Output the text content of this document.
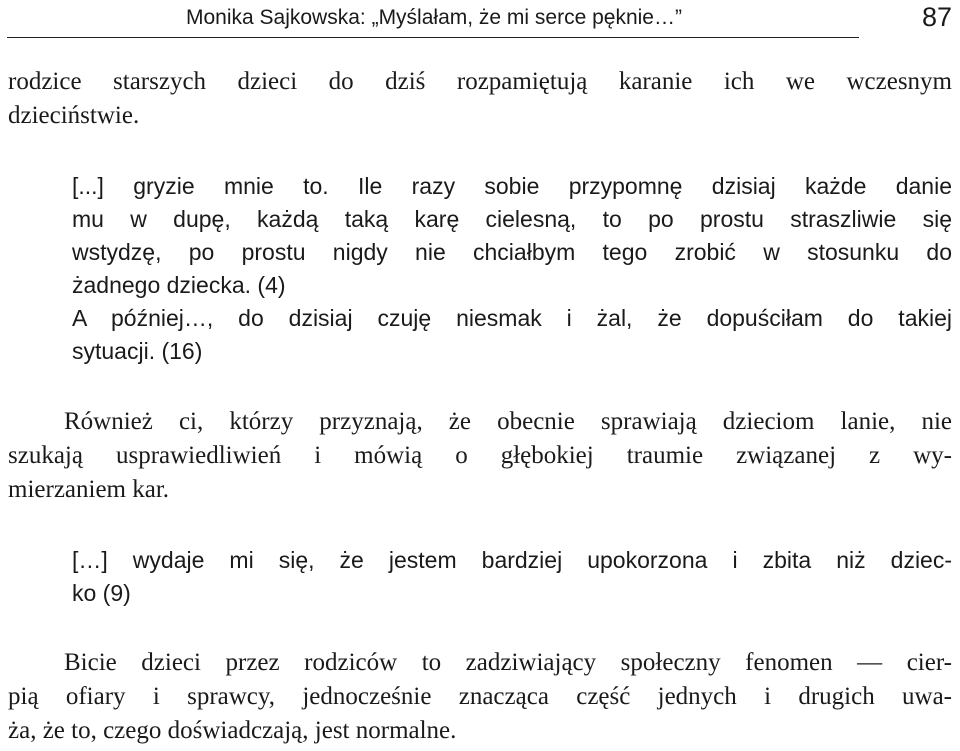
Monika Sajkowska: „Myślałam, że mi serce pęknie…”	87
rodzice starszych dzieci do dziś rozpamiętują karanie ich we wczesnym
dzieciństwie.
[...] gryzie mnie to. Ile razy sobie przypomnę dzisiaj każde danie
mu w dupę, każdą taką karę cielesną, to po prostu straszliwie się
wstydzę, po prostu nigdy nie chciałbym tego zrobić w stosunku do
żadnego dziecka. (4)
A później…, do dzisiaj czuję niesmak i żal, że dopuściłam do takiej
sytuacji. (16)
Również ci, którzy przyznają, że obecnie sprawiają dzieciom lanie, nie
szukają usprawiedliwień i mówią o głębokiej traumie związanej z wy-
mierzaniem kar.
[…] wydaje mi się, że jestem bardziej upokorzona i zbita niż dziec-
ko (9)
Bicie dzieci przez rodziców to zadziwiający społeczny fenomen — cier-
pią ofiary i sprawcy, jednocześnie znacząca część jednych i drugich uwa-
ża, że to, czego doświadczają, jest normalne.
